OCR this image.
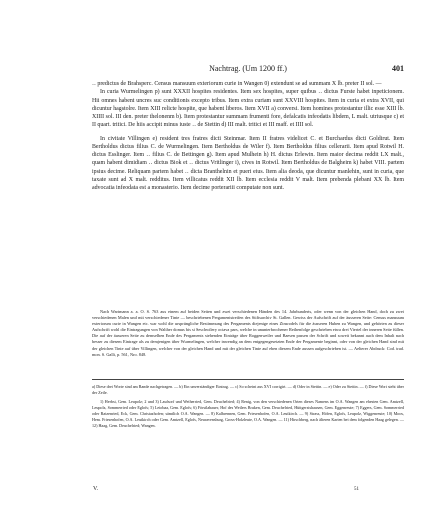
Nachtrag. (Um 1200 ff.)	401

‥ predictus de Brahsperc. Census mansuum exteriorum curie in Wangen 0) extendunt se ad summam X lb. preter II sol. —

In curia Wurmelingen p) sunt XXXII hospites residentes. Item sex hospites, super quibus ‥ dictus Furste habet inpeticionem. Hii omnes habent uncres suc conditionis excepto tribus. Item extra curiam sunt XXVIII hospites. Item in curia et extra XVII, qui dicuntur hagstolre. Item XIII relicte hospite, que habent liberos. Item XVII a) conversi. Item homines protestantur illic esse XIII lb. XIIII sol. III den. preter thelonenm b). Item protestantur summam frumenti fore, defalcatis infeodatis libdem, L malt. utriusque c) et II quart. tritici. De hiis accipit minus iuste ‥ de Stettin d) III malt. tritici et III maff. et IIII sol.

In civitate Villingen e) resident tres fratres dicti Steinmar. Item II fratres videlicet C. et Burchardus dicti Goldirut. Item Bertholdus dictus filius C. de Wurmelingen. Item Bertholdus de Wiler f). Item Bertholdus filius cellerarii. Item apud Rotwil H. dictus Esslinger. Item ‥ filius C. de Bettingen g). Item apud Mulhein h) H. dictus Erlewin. Item maior decima reddit LX malt., quam habent dimidiam ‥ dictus Biok et ‥ dictus Vritlinger i), cives in Rotwil. Item Bertholdus de Balgheim k) habet VIII. partem ipsius decime. Reliquam partem habet ‥ dicta Branthelnin et pueri eius. Item alia deoda, que dicuntur manlehin, sunt in curia, que taxate sunt ad X malt. redditus. Item villicatus reddit XII lb. Item ecclesia reddit V malt. Item prebenda plebani XX lb. Item advocatia infeodata est a monasterio. Item decime porterariii computate non sunt.

Nach Wartmann a. a. O. S. 763 aus einem auf beiden Seiten und zwei verschiedenen Händen des 14. Jahrhunderts, oder wenn von der gleichen Hand, doch zu zwei verschiedenen Malen und mit verschiedener Tinte — beschriebenen Pergamentstreifen des Stiftsarchiv St. Gallen. Gewiss der Aufschrift auf der äusseren Seite: Census mansuum exteriorum curie in Wangen etc. war wohl die ursprüngliche Bestimmung des Pergaments diejenige eines Zinsrodels für die äusseren Huben zu Wangen, und gehörten zu dieser Aufschrift wohl die Eintragungen von Walther domus bis si Seschwilery octava pars, welche in ununterbrochener Reihenfolge geschrieben etwa drei Viertel der inneren Seite füllen. Die auf der äusseren Seite zu demselben Ende des Pergaments stehenden Einträge über Roggenweiler und Baesen passen der Schrift und soweit bekannt auch dem Inhalt nach besser zu diesem Eintrage als zu demjenigen über Wurmelingen, welcher inwendig an dem entgegengesetzten Ende der Pergamente beginnt, oder von der gleichen Hand sind mit der gleichen Tinte auf über Villingen, welcher von der gleichen Hand und mit der gleichen Tinte auf eben diesem Ende aussen aufgeschrieben ist. — Aelterer Abdruck: Cod. trad. mon. S. Galli, p. 561, Nro. 848.

a) Diese drei Worte sind am Rande nachgetragen. — b) Ein unverständiger Eintrag. — c) So scheint aus XVI corrigirt. — d) Oder in Stettin. — e) Oder zu Stettin. — f) Diese Wort steht über der Zeile.

1) Herbst, Gem. Leupolz; 2 und 3) Laufsorf und Weiherried, Gem. Deuchelried; 4) Renig, von den verschiedenen Orten dieses Namens im O.A. Wangen am ehesten Gem. Amtzell, Leupolz, Sommerried oder Eglofs; 5) Leiobaa, Gem. Eglofs; 6) Förstlabauer, Hof des Weilers Bruken, Gem. Deuchelried, Hüttgerstshausen, Gem. Eggenreute; 7) Eggers, Gem. Sommerried oder Ratzenried, Eck, Gem. Christazhofen; sämtlich O.A. Wangen. — 8) Kalbrennen, Gem. Friesenhofen, O.A. Leutkirch. — 9) Strass, Höfen, Eglofs, Leupolz, Wiggenreute; 10) Moos, Hem. Friesenhofen, O.A. Leutkirch oder Gem. Amtzell, Eglofs, Neuravensburg, Gross-Holzleute, O.A. Wangen. — 11) Hirschberg, nach älteren Karten bei dem folgenden Haag gelegen. — 12) Haag, Gem. Deuchelried; Wangen.

V.	51
